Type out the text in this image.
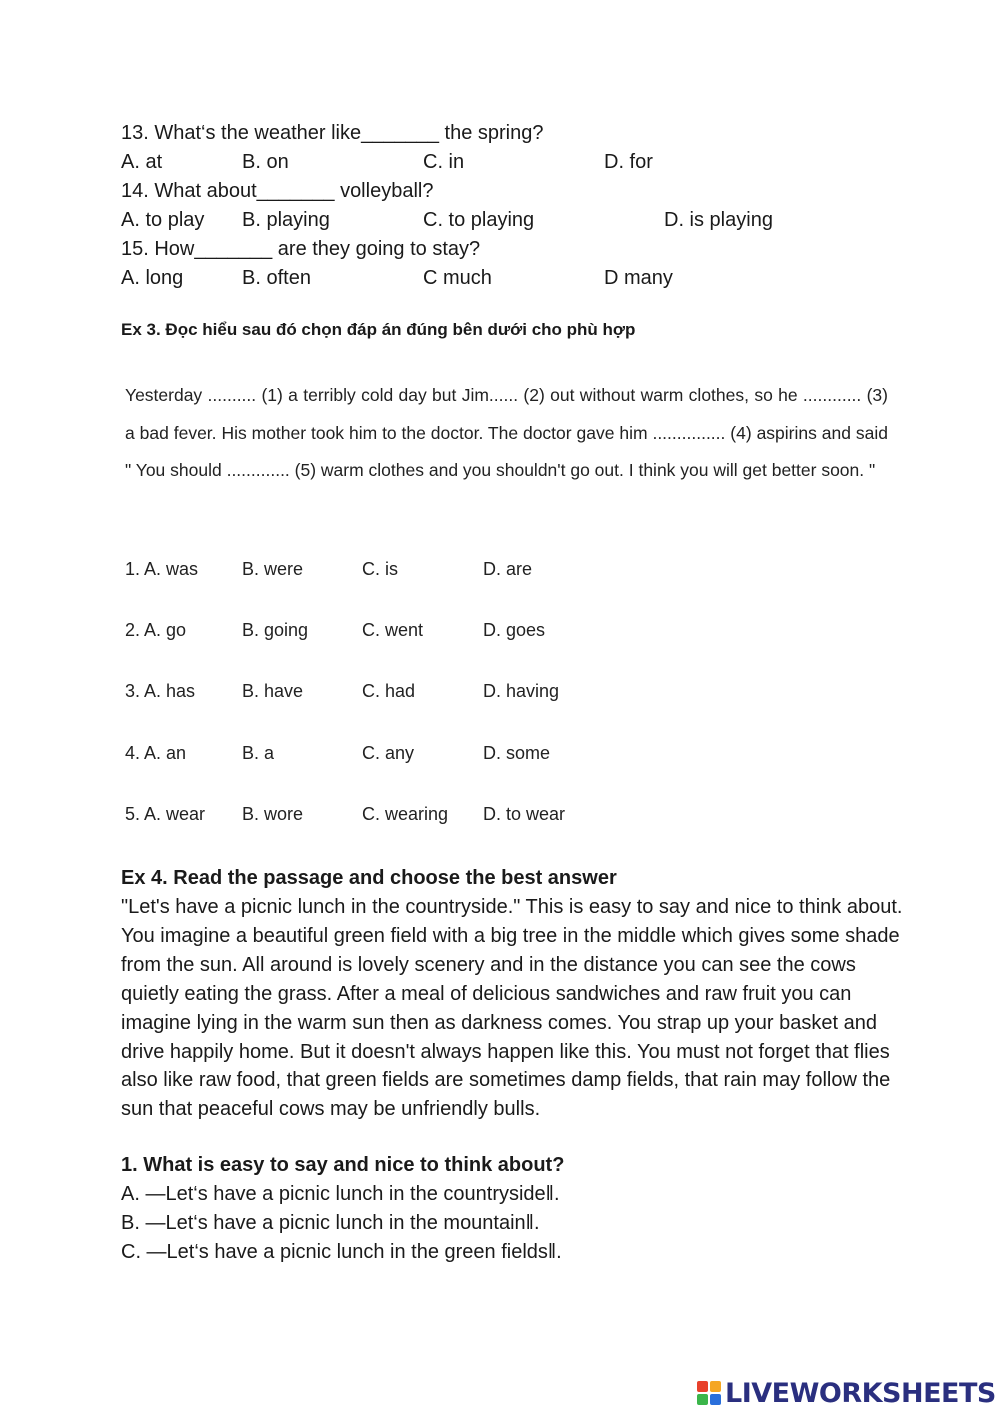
13. What‘s the weather like_______ the spring?
A. at	B. on	C. in	D. for
14. What about_______ volleyball?
A. to play B. playing	C. to playing	D. is playing
15. How_______ are they going to stay?
A. long	B. often	C much	D many
Ex 3. Đọc hiểu sau đó chọn đáp án đúng bên dưới cho phù hợp
Yesterday .......... (1) a terribly cold day but Jim...... (2) out without warm clothes, so he ............ (3) a bad fever. His mother took him to the doctor. The doctor gave him ............... (4) aspirins and said " You should ............. (5) warm clothes and you shouldn't go out. I think you will get better soon. "
1. A. was B. were	C. is	D. are
2. A. go	B. going	C. went	D. goes
3. A. has	B. have	C. had	D. having
4. A. an	B. a	C. any	D. some
5. A. wear B. wore	C. wearing D. to wear
Ex 4. Read the passage and choose the best answer
"Let's have a picnic lunch in the countryside." This is easy to say and nice to think about. You imagine a beautiful green field with a big tree in the middle which gives some shade from the sun. All around is lovely scenery and in the distance you can see the cows quietly eating the grass. After a meal of delicious sandwiches and raw fruit you can imagine lying in the warm sun then as darkness comes. You strap up your basket and drive happily home. But it doesn't always happen like this. You must not forget that flies also like raw food, that green fields are sometimes damp fields, that rain may follow the sun that peaceful cows may be unfriendly bulls.
1. What is easy to say and nice to think about?
A. ―Let‘s have a picnic lunch in the countryside‖.
B. ―Let‘s have a picnic lunch in the mountain‖.
C. ―Let‘s have a picnic lunch in the green fields‖.
LIVEWORKSHEETS
